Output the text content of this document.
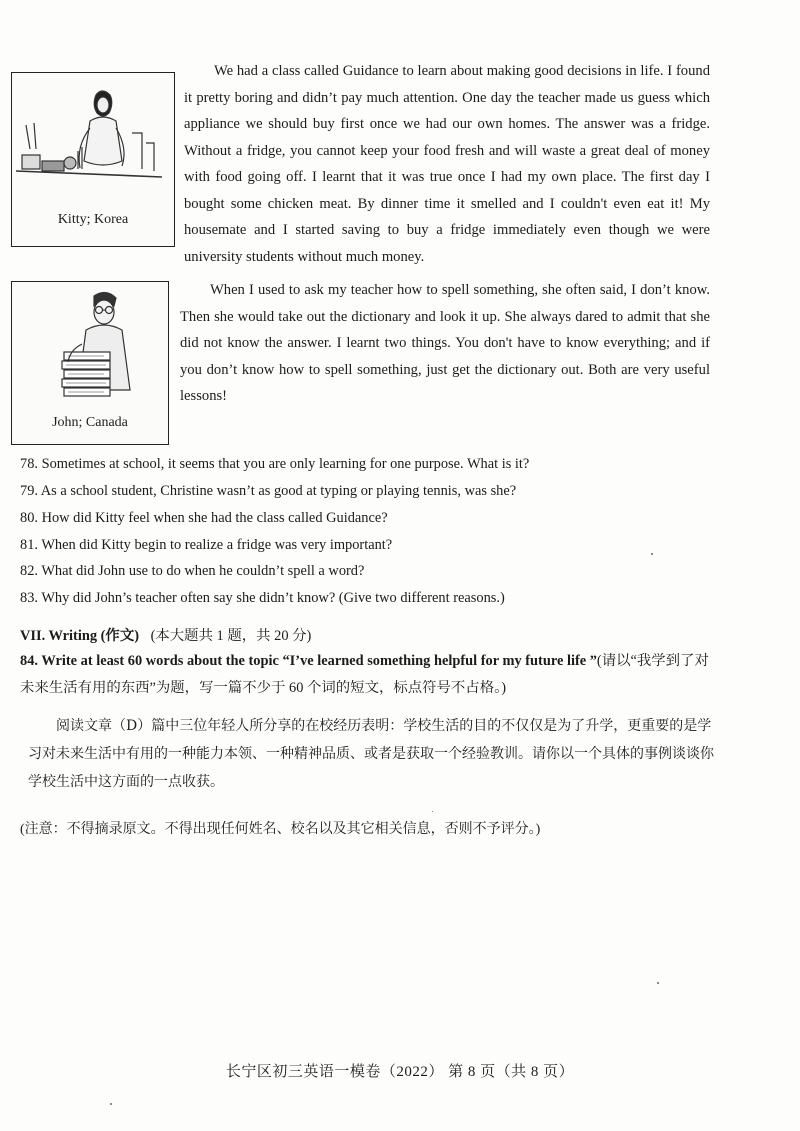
Kitty; Korea

We had a class called Guidance to learn about making good decisions in life. I found it pretty boring and didn’t pay much attention. One day the teacher made us guess which appliance we should buy first once we had our own homes. The answer was a fridge. Without a fridge, you cannot keep your food fresh and will waste a great deal of money with food going off. I learnt that it was true once I had my own place. The first day I bought some chicken meat. By dinner time it smelled and I couldn't even eat it! My housemate and I started saving to buy a fridge immediately even though we were university students without much money.

John; Canada

When I used to ask my teacher how to spell something, she often said, I don’t know. Then she would take out the dictionary and look it up. She always dared to admit that she did not know the answer. I learnt two things. You don't have to know everything; and if you don’t know how to spell something, just get the dictionary out. Both are very useful lessons!

78. Sometimes at school, it seems that you are only learning for one purpose. What is it?
79. As a school student, Christine wasn’t as good at typing or playing tennis, was she?
80. How did Kitty feel when she had the class called Guidance?
81. When did Kitty begin to realize a fridge was very important?
82. What did John use to do when he couldn’t spell a word?
83. Why did John’s teacher often say she didn’t know? (Give two different reasons.)
VII. Writing (作文) (本大题共 1 题，共 20 分)
84. Write at least 60 words about the topic “I’ve learned something helpful for my future life ”(请以“我学到了对未来生活有用的东西”为题，写一篇不少于 60 个词的短文，标点符号不占格。)
阅读文章（D）篇中三位年轻人所分享的在校经历表明：学校生活的目的不仅仅是为了升学，更重要的是学习对未来生活中有用的一种能力本领、一种精神品质、或者是获取一个经验教训。请你以一个具体的事例谈谈你学校生活中这方面的一点收获。
(注意：不得摘录原文。不得出现任何姓名、校名以及其它相关信息，否则不予评分。)
长宁区初三英语一模卷（2022） 第 8 页（共 8 页）
